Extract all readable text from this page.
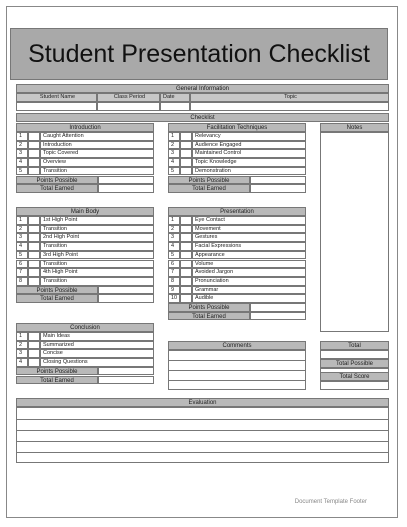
Student Presentation Checklist
General Information
Student Name	Class Period	Date	Topic
Checklist
Introduction
1	Caught Attention
2	Introduction
3	Topic Covered
4	Overview
5	Transition
Points Possible
Total Earned
Facilitation Techniques
1	Relevancy
2	Audience Engaged
3	Maintained Control
4	Topic Knowledge
5	Demonstration
Points Possible
Total Earned
Main Body
1	1st High Point
2	Transition
3	2nd High Point
4	Transition
5	3rd High Point
6	Transition
7	4th High Point
8	Transition
Points Possible
Total Earned
Presentation
1	Eye Contact
2	Movement
3	Gestures
4	Facial Expressions
5	Appearance
6	Volume
7	Avoided Jargon
8	Pronunciation
9	Grammar
10	Audible
Points Possible
Total Earned
Conclusion
1	Main Ideas
2	Summarized
3	Concise
4	Closing Questions
Points Possible
Total Earned
Notes
Comments	Total
Total Possible
Total Score
Evaluation
Document Template Footer
